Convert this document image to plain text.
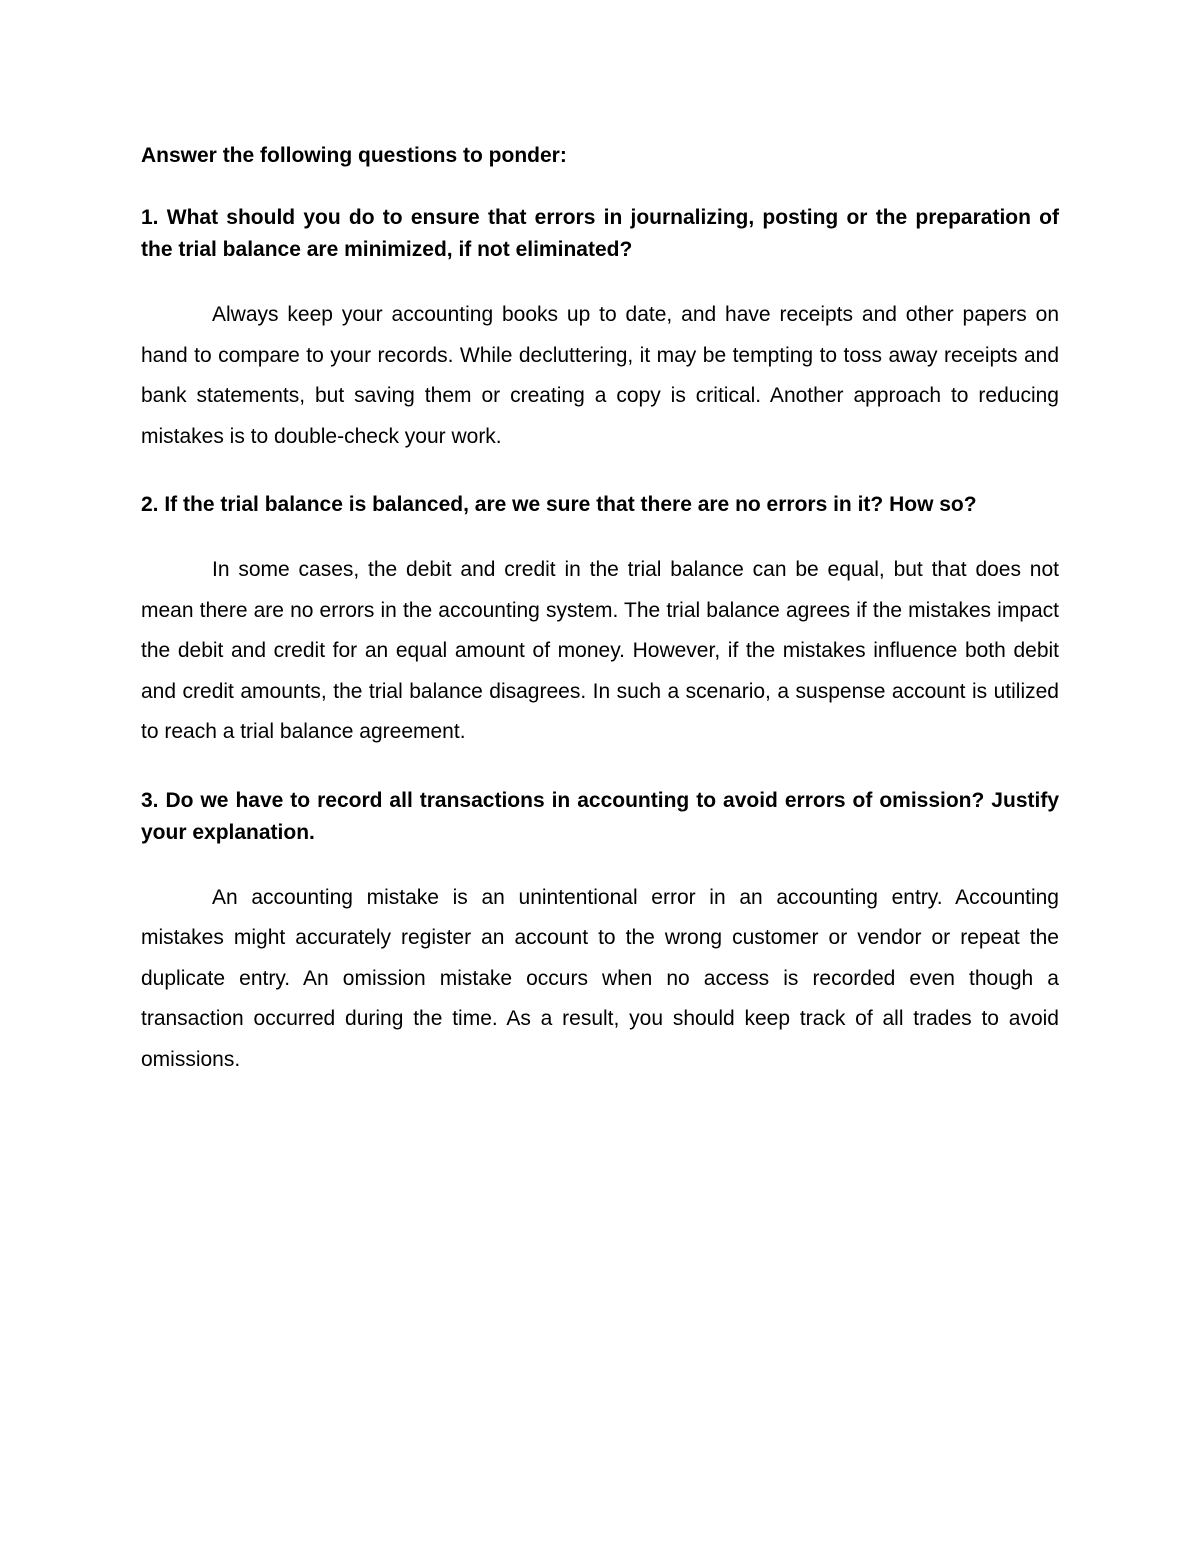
Answer the following questions to ponder:

1. What should you do to ensure that errors in journalizing, posting or the preparation of the trial balance are minimized, if not eliminated?

Always keep your accounting books up to date, and have receipts and other papers on hand to compare to your records. While decluttering, it may be tempting to toss away receipts and bank statements, but saving them or creating a copy is critical. Another approach to reducing mistakes is to double-check your work.

2. If the trial balance is balanced, are we sure that there are no errors in it? How so?

In some cases, the debit and credit in the trial balance can be equal, but that does not mean there are no errors in the accounting system. The trial balance agrees if the mistakes impact the debit and credit for an equal amount of money. However, if the mistakes influence both debit and credit amounts, the trial balance disagrees. In such a scenario, a suspense account is utilized to reach a trial balance agreement.

3. Do we have to record all transactions in accounting to avoid errors of omission? Justify your explanation.

An accounting mistake is an unintentional error in an accounting entry. Accounting mistakes might accurately register an account to the wrong customer or vendor or repeat the duplicate entry. An omission mistake occurs when no access is recorded even though a transaction occurred during the time. As a result, you should keep track of all trades to avoid omissions.
